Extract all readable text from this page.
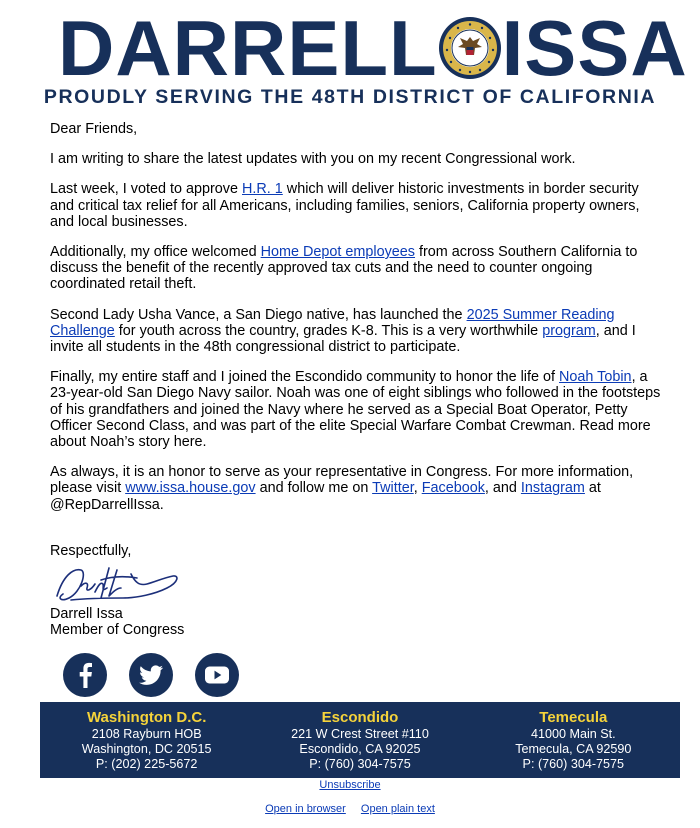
DARRELL ISSA
PROUDLY SERVING THE 48TH DISTRICT OF CALIFORNIA

Dear Friends,

I am writing to share the latest updates with you on my recent Congressional work.

Last week, I voted to approve H.R. 1 which will deliver historic investments in border security and critical tax relief for all Americans, including families, seniors, California property owners, and local businesses.

Additionally, my office welcomed Home Depot employees from across Southern California to discuss the benefit of the recently approved tax cuts and the need to counter ongoing coordinated retail theft.

Second Lady Usha Vance, a San Diego native, has launched the 2025 Summer Reading Challenge for youth across the country, grades K-8. This is a very worthwhile program, and I invite all students in the 48th congressional district to participate.

Finally, my entire staff and I joined the Escondido community to honor the life of Noah Tobin, a 23-year-old San Diego Navy sailor. Noah was one of eight siblings who followed in the footsteps of his grandfathers and joined the Navy where he served as a Special Boat Operator, Petty Officer Second Class, and was part of the elite Special Warfare Combat Crewman. Read more about Noah’s story here.

As always, it is an honor to serve as your representative in Congress. For more information, please visit www.issa.house.gov and follow me on Twitter, Facebook, and Instagram at @RepDarrellIssa.

Respectfully,
Darrell Issa
Member of Congress
Washington D.C.
2108 Rayburn HOB
Washington, DC 20515
P: (202) 225-5672
Escondido
221 W Crest Street #110
Escondido, CA 92025
P: (760) 304-7575
Temecula
41000 Main St.
Temecula, CA 92590
P: (760) 304-7575
Unsubscribe
Open in browser Open plain text
